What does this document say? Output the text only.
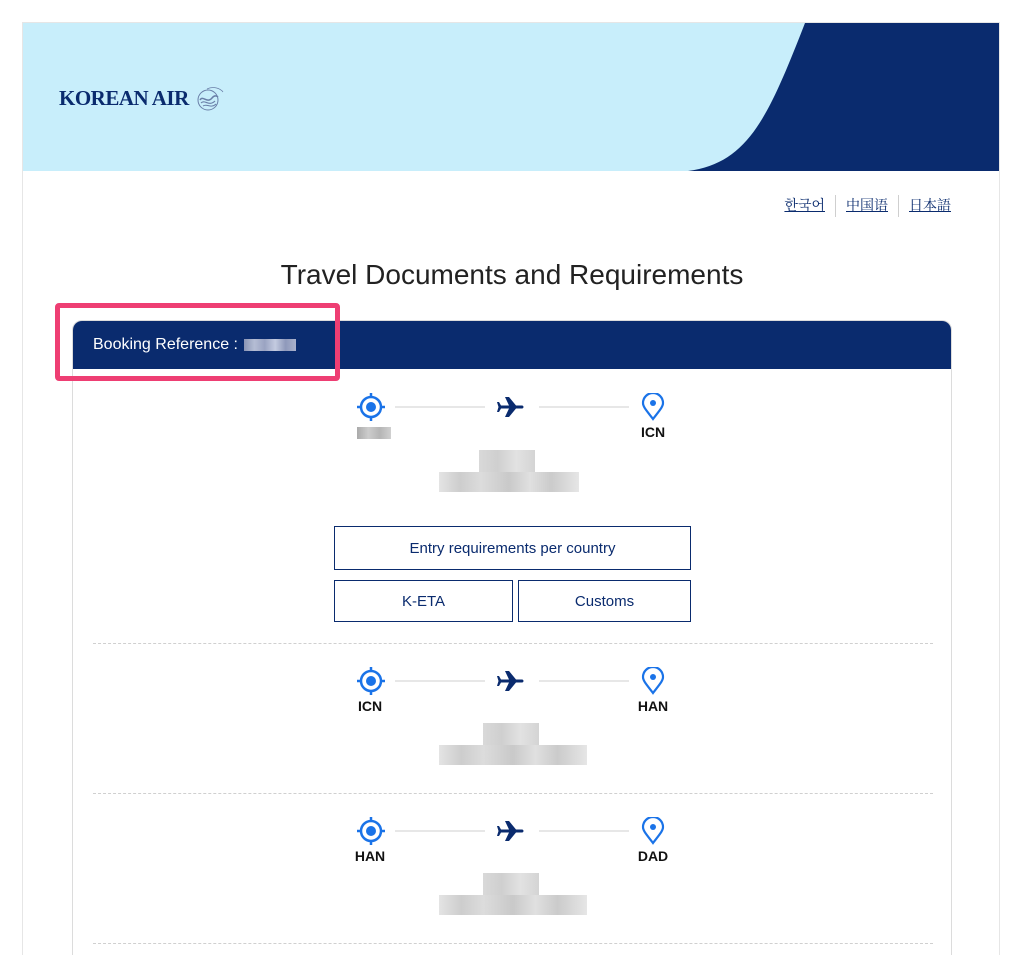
KOREAN AIR
한국어	中国语	日本語
Travel Documents and Requirements
Booking Reference :
ICN
Entry requirements per country
K-ETA	Customs
ICN	HAN
HAN	DAD
